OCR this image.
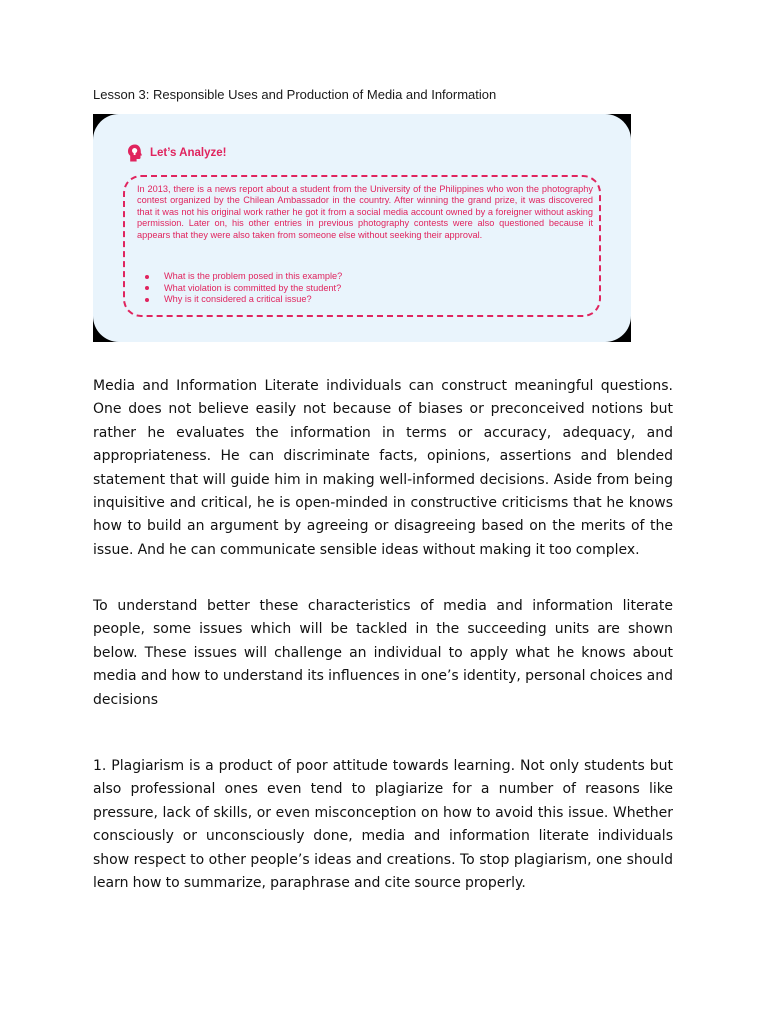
Lesson 3: Responsible Uses and Production of Media and Information
Let’s Analyze!
In 2013, there is a news report about a student from the University of the Philippines who won the photography contest organized by the Chilean Ambassador in the country. After winning the grand prize, it was discovered that it was not his original work rather he got it from a social media account owned by a foreigner without asking permission. Later on, his other entries in previous photography contests were also questioned because it appears that they were also taken from someone else without seeking their approval.
What is the problem posed in this example?
What violation is committed by the student?
Why is it considered a critical issue?

Media and Information Literate individuals can construct meaningful questions. One does not believe easily not because of biases or preconceived notions but rather he evaluates the information in terms or accuracy, adequacy, and appropriateness. He can discriminate facts, opinions, assertions and blended statement that will guide him in making well-informed decisions. Aside from being inquisitive and critical, he is open-minded in constructive criticisms that he knows how to build an argument by agreeing or disagreeing based on the merits of the issue. And he can communicate sensible ideas without making it too complex.

To understand better these characteristics of media and information literate people, some issues which will be tackled in the succeeding units are shown below. These issues will challenge an individual to apply what he knows about media and how to understand its influences in one’s identity, personal choices and decisions

1. Plagiarism is a product of poor attitude towards learning. Not only students but also professional ones even tend to plagiarize for a number of reasons like pressure, lack of skills, or even misconception on how to avoid this issue. Whether consciously or unconsciously done, media and information literate individuals show respect to other people’s ideas and creations. To stop plagiarism, one should learn how to summarize, paraphrase and cite source properly.
